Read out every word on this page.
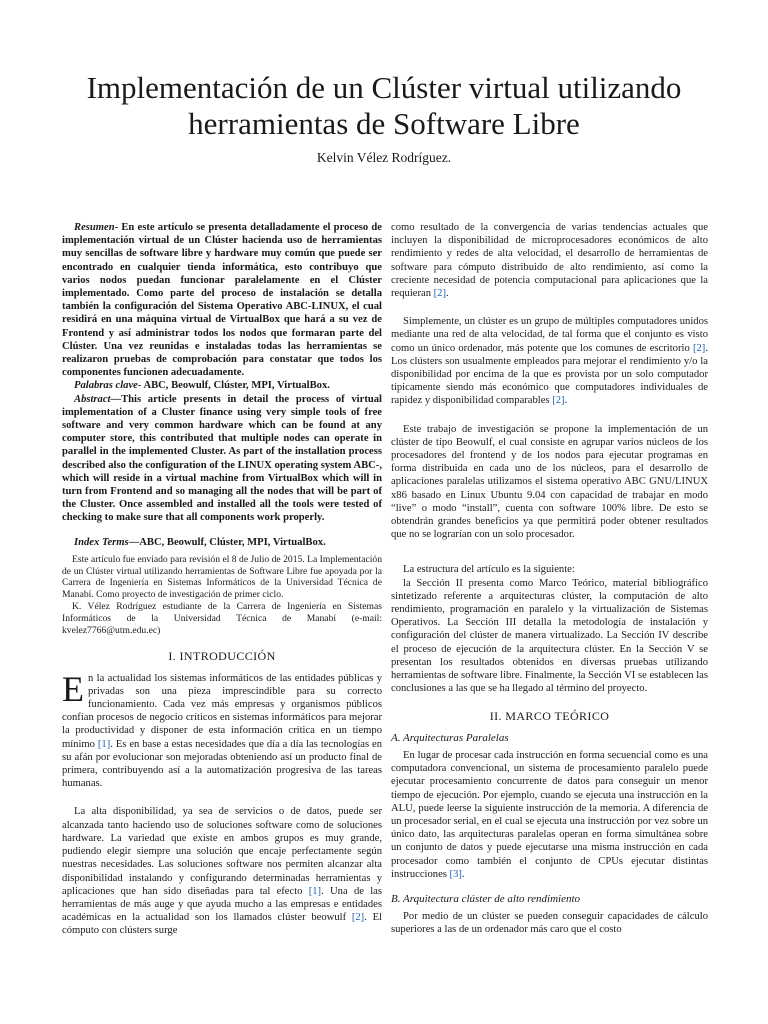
Implementación de un Clúster virtual utilizando
herramientas de Software Libre
Kelvin Vélez Rodríguez.

Resumen- En este artículo se presenta detalladamente el proceso de implementación virtual de un Clúster hacienda uso de herramientas muy sencillas de software libre y hardware muy común que puede ser encontrado en cualquier tienda informática, esto contribuyo que varios nodos puedan funcionar paralelamente en el Clúster implementado. Como parte del proceso de instalación se detalla también la configuración del Sistema Operativo ABC-LINUX, el cual residirá en una máquina virtual de VirtualBox que hará a su vez de Frontend y así administrar todos los nodos que formaran parte del Clúster. Una vez reunidas e instaladas todas las herramientas se realizaron pruebas de comprobación para constatar que todos los componentes funcionen adecuadamente.

Palabras clave- ABC, Beowulf, Clúster, MPI, VirtualBox.

Abstract—This article presents in detail the process of virtual implementation of a Cluster finance using very simple tools of free software and very common hardware which can be found at any computer store, this contributed that multiple nodes can operate in parallel in the implemented Cluster. As part of the installation process described also the configuration of the LINUX operating system ABC-, which will reside in a virtual machine from VirtualBox which will in turn from Frontend and so managing all the nodes that will be part of the Cluster. Once assembled and installed all the tools were tested of checking to make sure that all components work properly.

Index Terms—ABC, Beowulf, Clúster, MPI, VirtualBox.

Este artículo fue enviado para revisión el 8 de Julio de 2015. La Implementación de un Clúster virtual utilizando herramientas de Software Libre fue apoyada por la Carrera de Ingeniería en Sistemas Informáticos de la Universidad Técnica de Manabí. Como proyecto de investigación de primer ciclo.

K. Vélez Rodríguez estudiante de la Carrera de Ingeniería en Sistemas Informáticos de la Universidad Técnica de Manabí (e-mail: kvelez7766@utm.edu.ec)

I. INTRODUCCIÓN

En la actualidad los sistemas informáticos de las entidades públicas y privadas son una pieza imprescindible para su correcto funcionamiento. Cada vez más empresas y organismos públicos confían procesos de negocio críticos en sistemas informáticos para mejorar la productividad y disponer de esta información crítica en un tiempo mínimo [1]. Es en base a estas necesidades que día a día las tecnologías en su afán por evolucionar son mejoradas obteniendo así un producto final de primera, contribuyendo así a la automatización progresiva de las tareas humanas.

La alta disponibilidad, ya sea de servicios o de datos, puede ser alcanzada tanto haciendo uso de soluciones software como de soluciones hardware. La variedad que existe en ambos grupos es muy grande, pudiendo elegir siempre una solución que encaje perfectamente según nuestras necesidades. Las soluciones software nos permiten alcanzar alta disponibilidad instalando y configurando determinadas herramientas y aplicaciones que han sido diseñadas para tal efecto [1]. Una de las herramientas de más auge y que ayuda mucho a las empresas e entidades académicas en la actualidad son los llamados clúster beowulf [2]. El cómputo con clústers surge

como resultado de la convergencia de varias tendencias actuales que incluyen la disponibilidad de microprocesadores económicos de alto rendimiento y redes de alta velocidad, el desarrollo de herramientas de software para cómputo distribuido de alto rendimiento, así como la creciente necesidad de potencia computacional para aplicaciones que la requieran [2].

Simplemente, un clúster es un grupo de múltiples computadores unidos mediante una red de alta velocidad, de tal forma que el conjunto es visto como un único ordenador, más potente que los comunes de escritorio [2]. Los clústers son usualmente empleados para mejorar el rendimiento y/o la disponibilidad por encima de la que es provista por un solo computador típicamente siendo más económico que computadores individuales de rapidez y disponibilidad comparables [2].

Este trabajo de investigación se propone la implementación de un clúster de tipo Beowulf, el cual consiste en agrupar varios núcleos de los procesadores del frontend y de los nodos para ejecutar programas en forma distribuida en cada uno de los núcleos, para el desarrollo de aplicaciones paralelas utilizamos el sistema operativo ABC GNU/LINUX x86 basado en Linux Ubuntu 9.04 con capacidad de trabajar en modo “live” o modo “install”, cuenta con software 100% libre. De esto se obtendrán grandes beneficios ya que permitirá poder obtener resultados que no se lograrían con un solo procesador.

La estructura del artículo es la siguiente:

la Sección II presenta como Marco Teórico, material bibliográfico sintetizado referente a arquitecturas clúster, la computación de alto rendimiento, programación en paralelo y la virtualización de Sistemas Operativos. La Sección III detalla la metodología de instalación y configuración del clúster de manera virtualizado. La Sección IV describe el proceso de ejecución de la arquitectura clúster. En la Sección V se presentan los resultados obtenidos en diversas pruebas utilizando herramientas de software libre. Finalmente, la Sección VI se establecen las conclusiones a las que se ha llegado al término del proyecto.

II. MARCO TEÓRICO

A. Arquitecturas Paralelas

En lugar de procesar cada instrucción en forma secuencial como es una computadora convencional, un sistema de procesamiento paralelo puede ejecutar procesamiento concurrente de datos para conseguir un menor tiempo de ejecución. Por ejemplo, cuando se ejecuta una instrucción en la ALU, puede leerse la siguiente instrucción de la memoria. A diferencia de un procesador serial, en el cual se ejecuta una instrucción por vez sobre un único dato, las arquitecturas paralelas operan en forma simultánea sobre un conjunto de datos y puede ejecutarse una misma instrucción en cada procesador como también el conjunto de CPUs ejecutar distintas instrucciones [3].

B. Arquitectura clúster de alto rendimiento

Por medio de un clúster se pueden conseguir capacidades de cálculo superiores a las de un ordenador más caro que el costo
